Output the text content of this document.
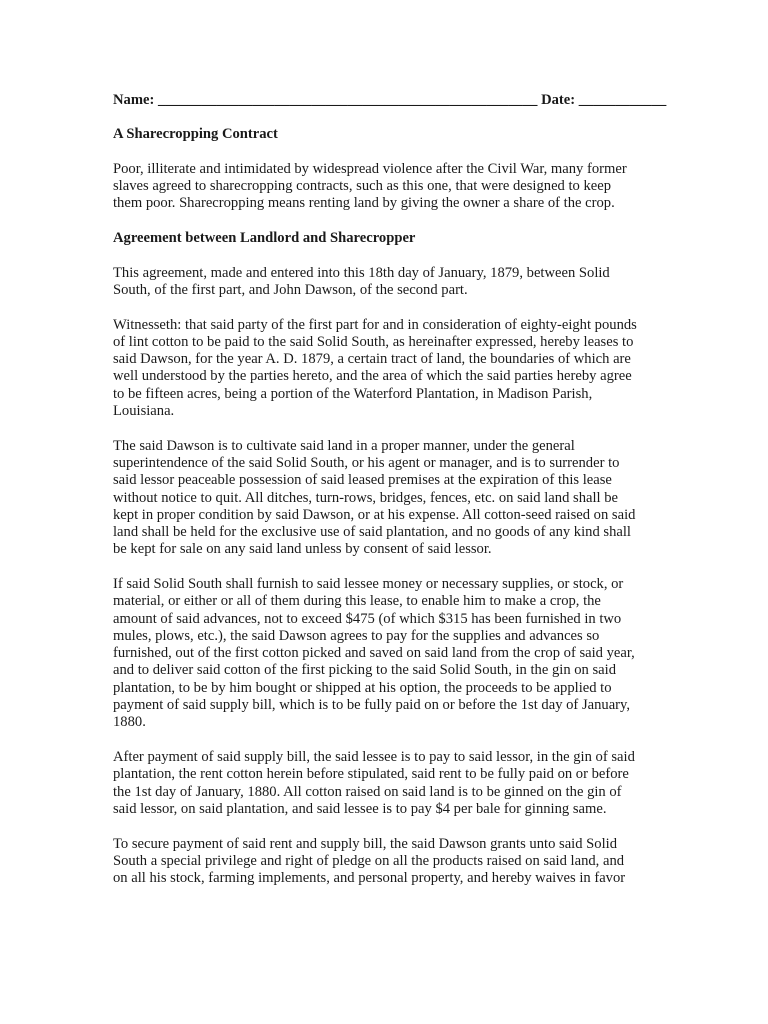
Name: ____________________________________________________ Date: ____________
A Sharecropping Contract
Poor, illiterate and intimidated by widespread violence after the Civil War, many former
slaves agreed to sharecropping contracts, such as this one, that were designed to keep
them poor. Sharecropping means renting land by giving the owner a share of the crop.
Agreement between Landlord and Sharecropper
This agreement, made and entered into this 18th day of January, 1879, between Solid
South, of the first part, and John Dawson, of the second part.
Witnesseth: that said party of the first part for and in consideration of eighty-eight pounds
of lint cotton to be paid to the said Solid South, as hereinafter expressed, hereby leases to
said Dawson, for the year A. D. 1879, a certain tract of land, the boundaries of which are
well understood by the parties hereto, and the area of which the said parties hereby agree
to be fifteen acres, being a portion of the Waterford Plantation, in Madison Parish,
Louisiana.
The said Dawson is to cultivate said land in a proper manner, under the general
superintendence of the said Solid South, or his agent or manager, and is to surrender to
said lessor peaceable possession of said leased premises at the expiration of this lease
without notice to quit. All ditches, turn-rows, bridges, fences, etc. on said land shall be
kept in proper condition by said Dawson, or at his expense. All cotton-seed raised on said
land shall be held for the exclusive use of said plantation, and no goods of any kind shall
be kept for sale on any said land unless by consent of said lessor.
If said Solid South shall furnish to said lessee money or necessary supplies, or stock, or
material, or either or all of them during this lease, to enable him to make a crop, the
amount of said advances, not to exceed $475 (of which $315 has been furnished in two
mules, plows, etc.), the said Dawson agrees to pay for the supplies and advances so
furnished, out of the first cotton picked and saved on said land from the crop of said year,
and to deliver said cotton of the first picking to the said Solid South, in the gin on said
plantation, to be by him bought or shipped at his option, the proceeds to be applied to
payment of said supply bill, which is to be fully paid on or before the 1st day of January,
1880.
After payment of said supply bill, the said lessee is to pay to said lessor, in the gin of said
plantation, the rent cotton herein before stipulated, said rent to be fully paid on or before
the 1st day of January, 1880. All cotton raised on said land is to be ginned on the gin of
said lessor, on said plantation, and said lessee is to pay $4 per bale for ginning same.
To secure payment of said rent and supply bill, the said Dawson grants unto said Solid
South a special privilege and right of pledge on all the products raised on said land, and
on all his stock, farming implements, and personal property, and hereby waives in favor
